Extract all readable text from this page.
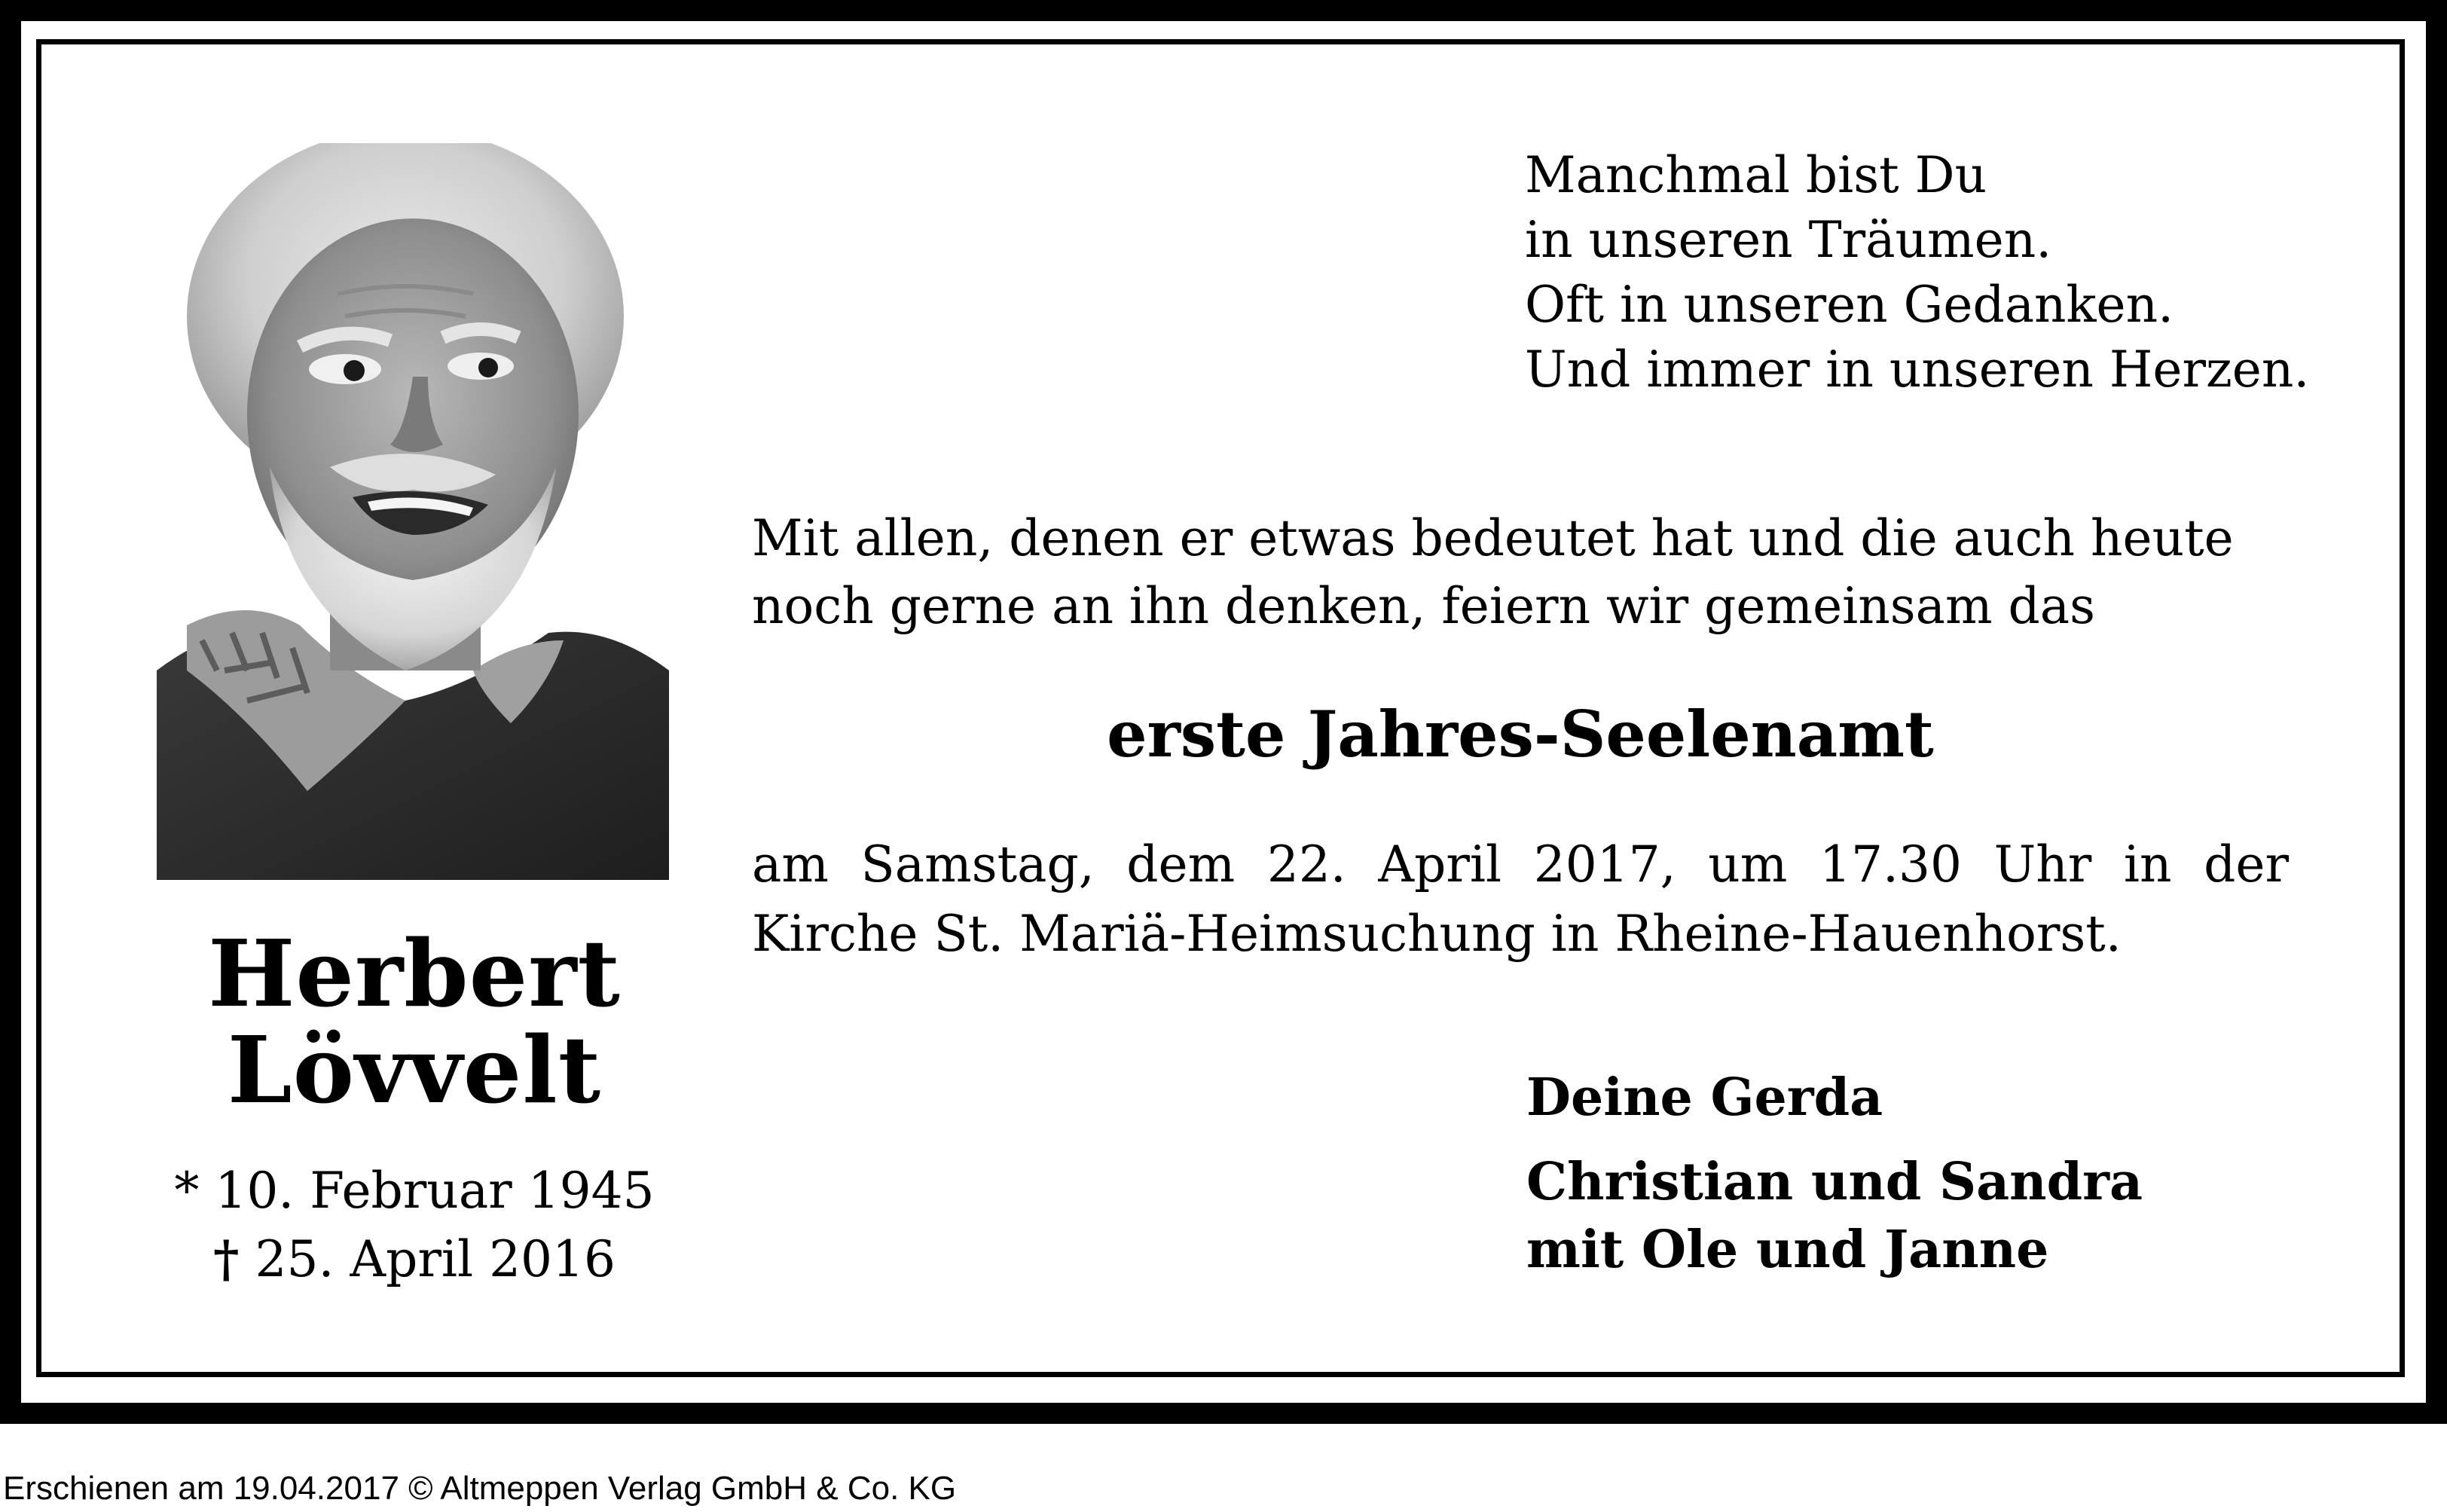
Herbert
Lövvelt
* 10. Februar 1945
† 25. April 2016
Manchmal bist Du
in unseren Träumen.
Oft in unseren Gedanken.
Und immer in unseren Herzen.
Mit allen, denen er etwas bedeutet hat und die auch heute
noch gerne an ihn denken, feiern wir gemeinsam das
erste Jahres-Seelenamt
am Samstag, dem 22. April 2017, um 17.30 Uhr in der
Kirche St. Mariä-Heimsuchung in Rheine-Hauenhorst.
Deine Gerda
Christian und Sandra
mit Ole und Janne
Erschienen am 19.04.2017 © Altmeppen Verlag GmbH & Co. KG
